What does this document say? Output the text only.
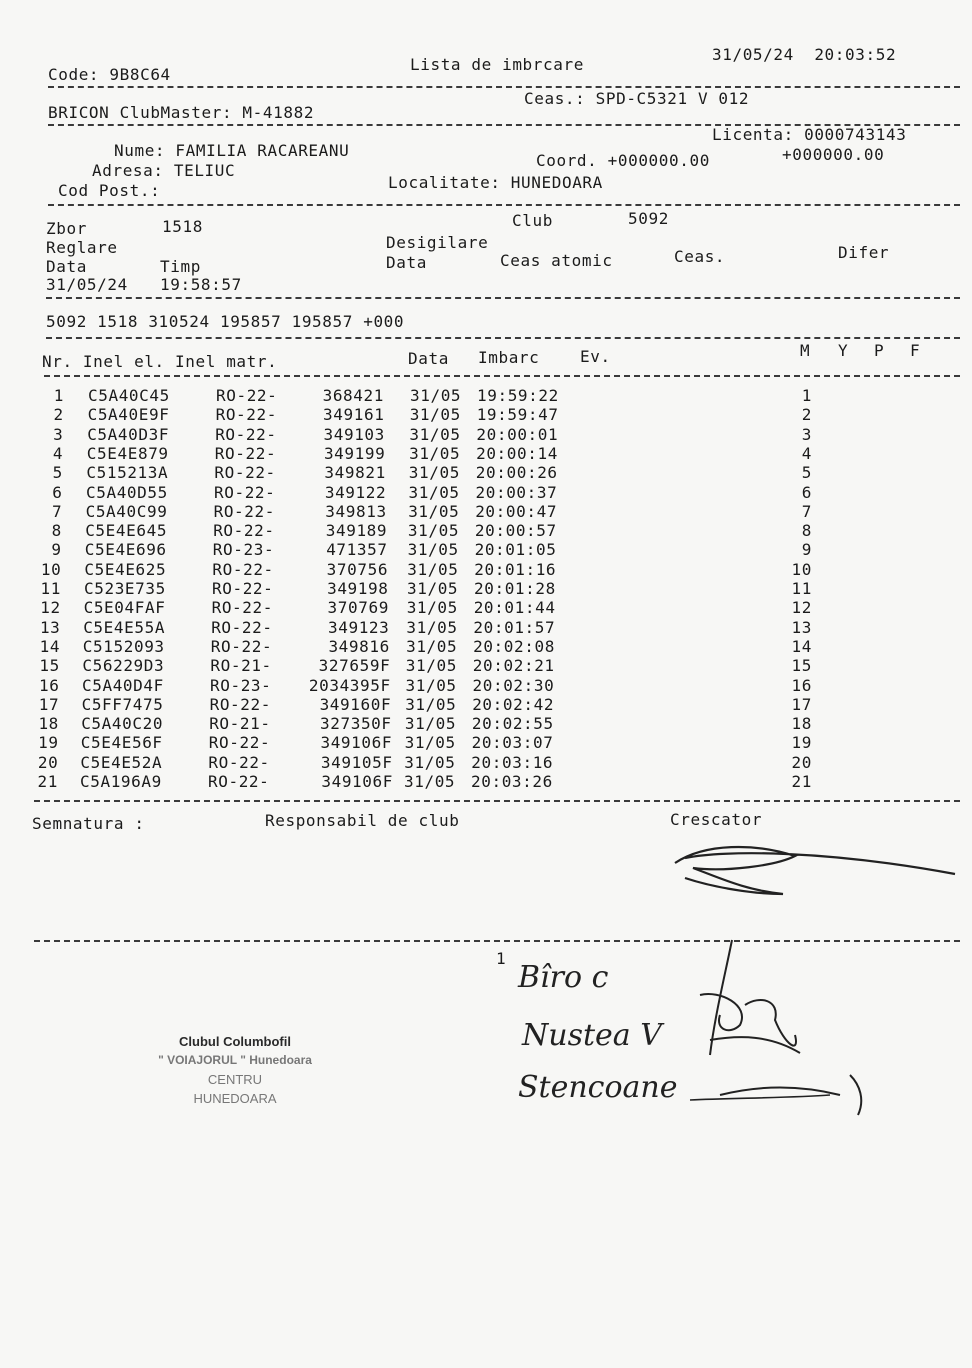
Code: 9B8C64
Lista de imbrcare
31/05/24  20:03:52
BRICON ClubMaster: M-41882
Ceas.: SPD-C5321 V 012
Licenta: 0000743143
Nume: FAMILIA RACAREANU
Coord. +000000.00	+000000.00
Adresa: TELIUC
Cod Post.:	Localitate: HUNEDOARA
Zbor	1518	Club	5092
Reglare	Desigilare
Data	Timp	Data	Ceas atomic	Ceas.	Difer
31/05/24 19:58:57
5092 1518 310524 195857 195857 +000
Nr. Inel el. Inel matr.	Data Imbarc	Ev.	M Y P F
1 C5A40C45	RO-22-	368421 31/05 19:59:22	1
2 C5A40E9F	RO-22-	349161 31/05 19:59:47	2
3 C5A40D3F	RO-22-	349103 31/05 20:00:01	3
4 C5E4E879	RO-22-	349199 31/05 20:00:14	4
5 C515213A	RO-22-	349821 31/05 20:00:26	5
6 C5A40D55	RO-22-	349122 31/05 20:00:37	6
7 C5A40C99	RO-22-	349813 31/05 20:00:47	7
8 C5E4E645	RO-22-	349189 31/05 20:00:57	8
9 C5E4E696	RO-23-	471357 31/05 20:01:05	9
10 C5E4E625	RO-22-	370756 31/05 20:01:16	10
11 C523E735	RO-22-	349198 31/05 20:01:28	11
12 C5E04FAF	RO-22-	370769 31/05 20:01:44	12
13 C5E4E55A	RO-22-	349123 31/05 20:01:57	13
14 C5152093	RO-22-	349816 31/05 20:02:08	14
15 C56229D3	RO-21-	327659F 31/05 20:02:21	15
16 C5A40D4F	RO-23- 2034395F 31/05 20:02:30	16
17 C5FF7475	RO-22-	349160F 31/05 20:02:42	17
18 C5A40C20	RO-21-	327350F 31/05 20:02:55	18
19 C5E4E56F	RO-22-	349106F 31/05 20:03:07	19
20 C5E4E52A	RO-22-	349105F 31/05 20:03:16	20
21 C5A196A9	RO-22-	349106F 31/05 20:03:26	21
Semnatura :	Responsabil de club	Crescator
1
Clubul Columbofil
" VOIAJORUL " Hunedoara
CENTRU
HUNEDOARA
Bîro c
Nustea V
Stencoane
